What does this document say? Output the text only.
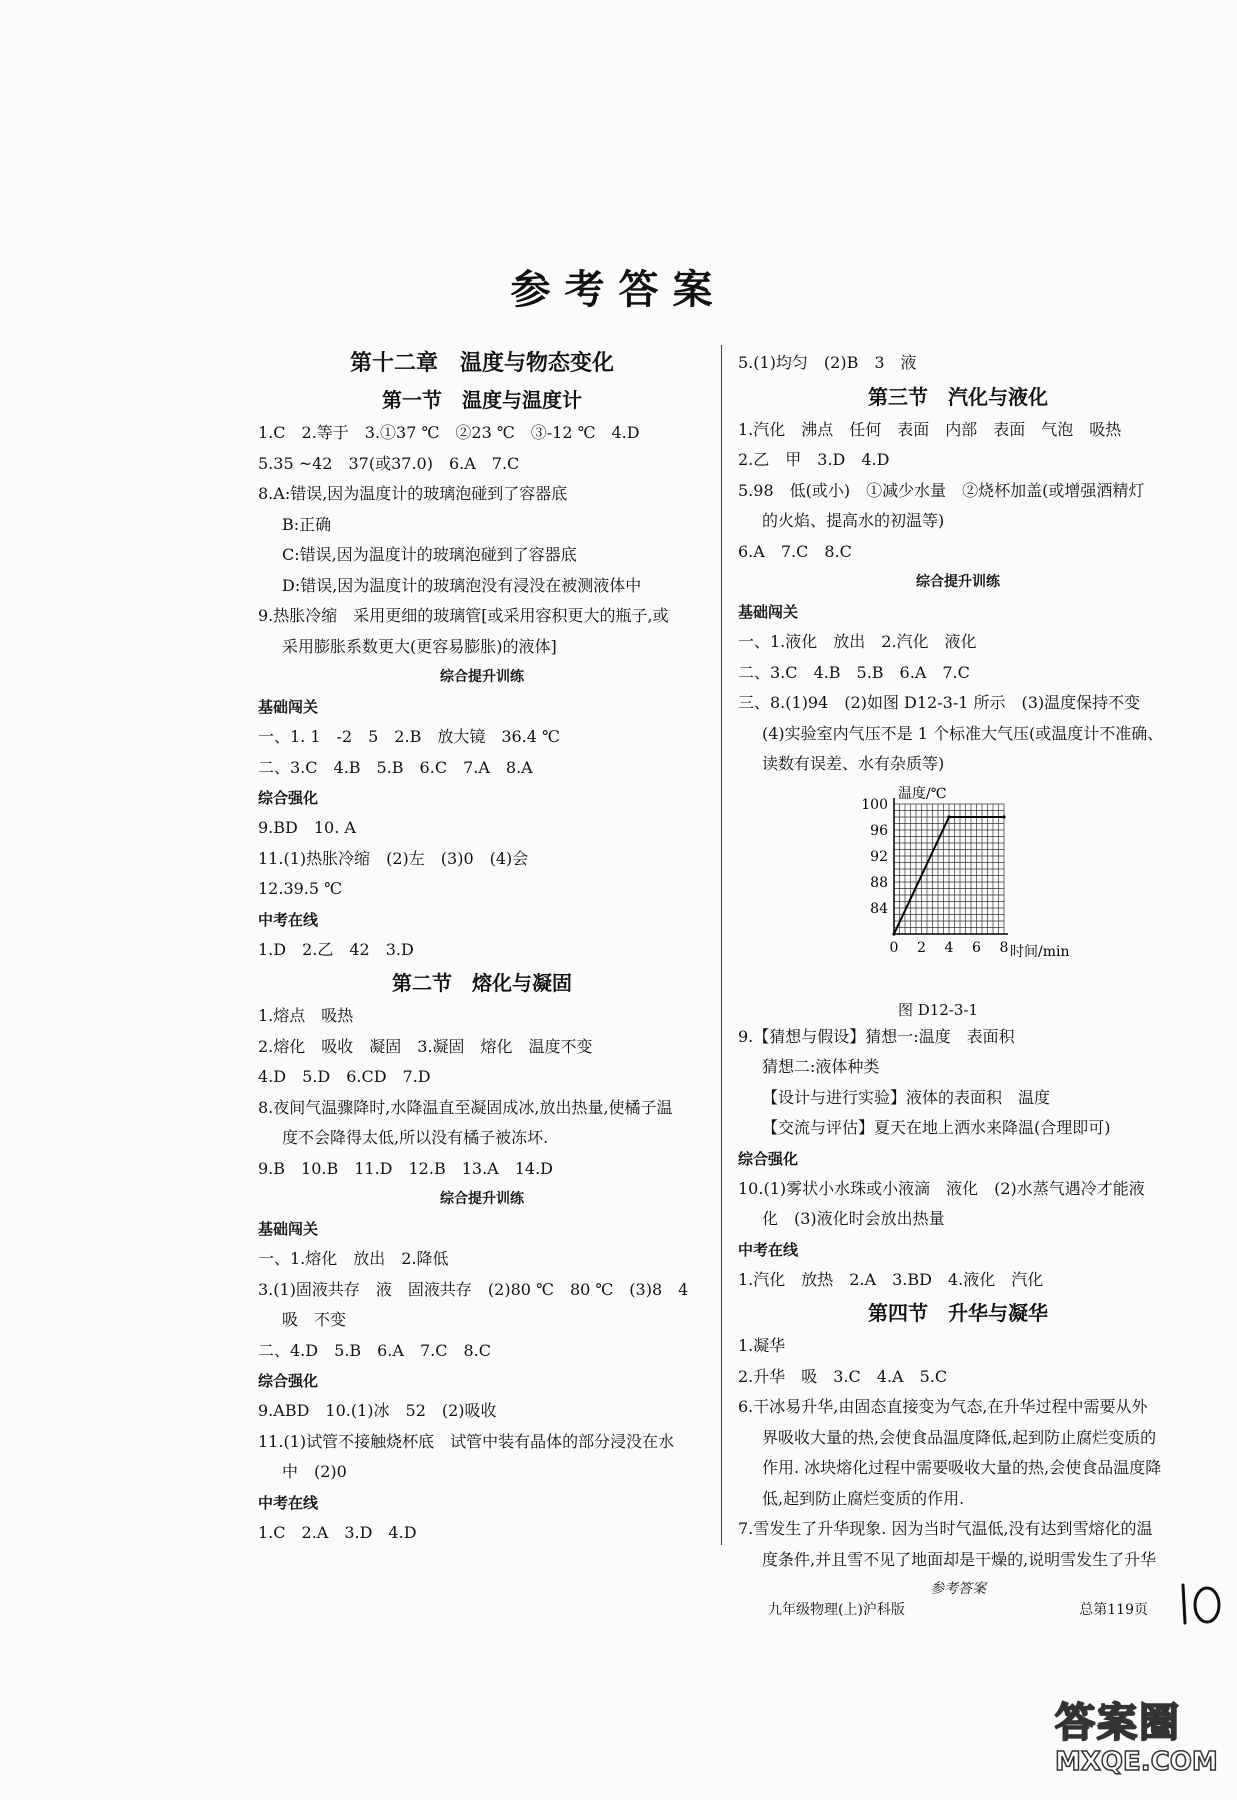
参考答案
第十二章　温度与物态变化
第一节　温度与温度计
1.C　2.等于　3.①37 ℃　②23 ℃　③-12 ℃　4.D
5.35 ~42　37(或37.0)　6.A　7.C
8.A:错误,因为温度计的玻璃泡碰到了容器底
B:正确
C:错误,因为温度计的玻璃泡碰到了容器底
D:错误,因为温度计的玻璃泡没有浸没在被测液体中
9.热胀冷缩　采用更细的玻璃管[或采用容积更大的瓶子,或
采用膨胀系数更大(更容易膨胀)的液体]
综合提升训练
基础闯关
一、1. 1　-2　5　2.B　放大镜　36.4 ℃
二、3.C　4.B　5.B　6.C　7.A　8.A
综合强化
9.BD　10. A
11.(1)热胀冷缩　(2)左　(3)0　(4)会
12.39.5 ℃
中考在线
1.D　2.乙　42　3.D
第二节　熔化与凝固
1.熔点　吸热
2.熔化　吸收　凝固　3.凝固　熔化　温度不变
4.D　5.D　6.CD　7.D
8.夜间气温骤降时,水降温直至凝固成冰,放出热量,使橘子温
度不会降得太低,所以没有橘子被冻坏.
9.B　10.B　11.D　12.B　13.A　14.D
综合提升训练
基础闯关
一、1.熔化　放出　2.降低
3.(1)固液共存　液　固液共存　(2)80 ℃　80 ℃　(3)8　4
吸　不变
二、4.D　5.B　6.A　7.C　8.C
综合强化
9.ABD　10.(1)冰　52　(2)吸收
11.(1)试管不接触烧杯底　试管中装有晶体的部分浸没在水
中　(2)0
中考在线
1.C　2.A　3.D　4.D
5.(1)均匀　(2)B　3　液
第三节　汽化与液化
1.汽化　沸点　任何　表面　内部　表面　气泡　吸热
2.乙　甲　3.D　4.D
5.98　低(或小)　①减少水量　②烧杯加盖(或增强酒精灯
的火焰、提高水的初温等)
6.A　7.C　8.C
综合提升训练
基础闯关
一、1.液化　放出　2.汽化　液化
二、3.C　4.B　5.B　6.A　7.C
三、8.(1)94　(2)如图 D12-3-1 所示　(3)温度保持不变
(4)实验室内气压不是 1 个标准大气压(或温度计不准确、
读数有误差、水有杂质等)
84
88
92
96
100
0 2 4 6 8
温度/℃
时间/min
图 D12-3-1
9.【猜想与假设】猜想一:温度　表面积
猜想二:液体种类
【设计与进行实验】液体的表面积　温度
【交流与评估】夏天在地上洒水来降温(合理即可)
综合强化
10.(1)雾状小水珠或小液滴　液化　(2)水蒸气遇冷才能液
化　(3)液化时会放出热量
中考在线
1.汽化　放热　2.A　3.BD　4.液化　汽化
第四节　升华与凝华
1.凝华
2.升华　吸　3.C　4.A　5.C
6.干冰易升华,由固态直接变为气态,在升华过程中需要从外
界吸收大量的热,会使食品温度降低,起到防止腐烂变质的
作用. 冰块熔化过程中需要吸收大量的热,会使食品温度降
低,起到防止腐烂变质的作用.
7.雪发生了升华现象. 因为当时气温低,没有达到雪熔化的温
度条件,并且雪不见了地面却是干燥的,说明雪发生了升华
参考答案
九年级物理(上)沪科版	总第119页
答案圈
MXQE.COM
